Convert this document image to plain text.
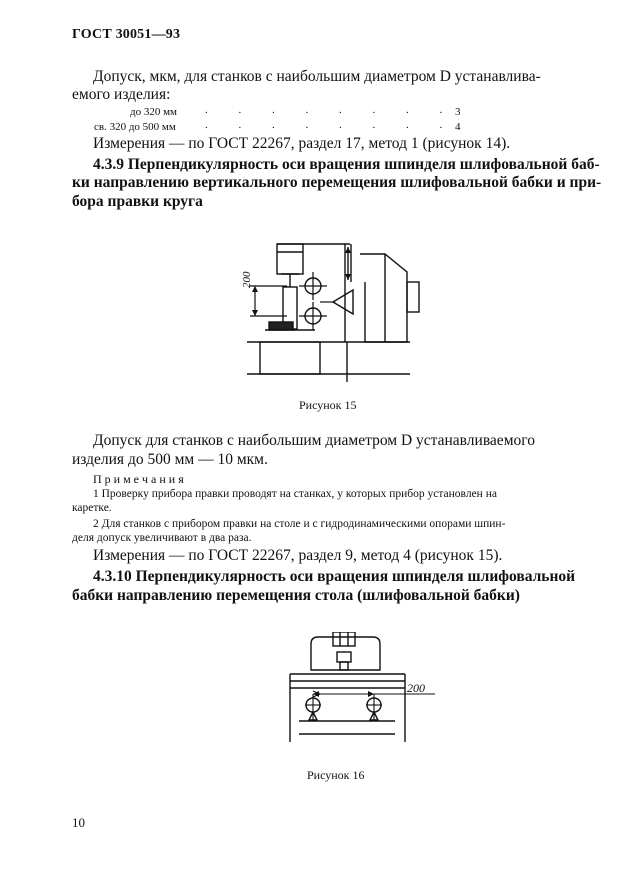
ГОСТ 30051—93
Допуск, мкм, для станков с наибольшим диаметром D устанавлива-
емого изделия:
до 320 мм	. . . . . . . .
3
св. 320 до 500 мм	. . . . . . . .
4
Измерения — по ГОСТ 22267, раздел 17, метод 1 (рисунок 14).
4.3.9 Перпендикулярность оси вращения шпинделя шлифовальной баб-
ки направлению вертикального перемещения шлифовальной бабки и при-
бора правки круга
200
Рисунок 15
Допуск для станков с наибольшим диаметром D устанавливаемого
изделия до 500 мм — 10 мкм.
П р и м е ч а н и я
1 Проверку прибора правки проводят на станках, у которых прибор установлен на
каретке.
2 Для станков с прибором правки на столе и с гидродинамическими опорами шпин-
деля допуск увеличивают в два раза.
Измерения — по ГОСТ 22267, раздел 9, метод 4 (рисунок 15).
4.3.10 Перпендикулярность оси вращения шпинделя шлифовальной
бабки направлению перемещения стола (шлифовальной бабки)
200
Рисунок 16
10
